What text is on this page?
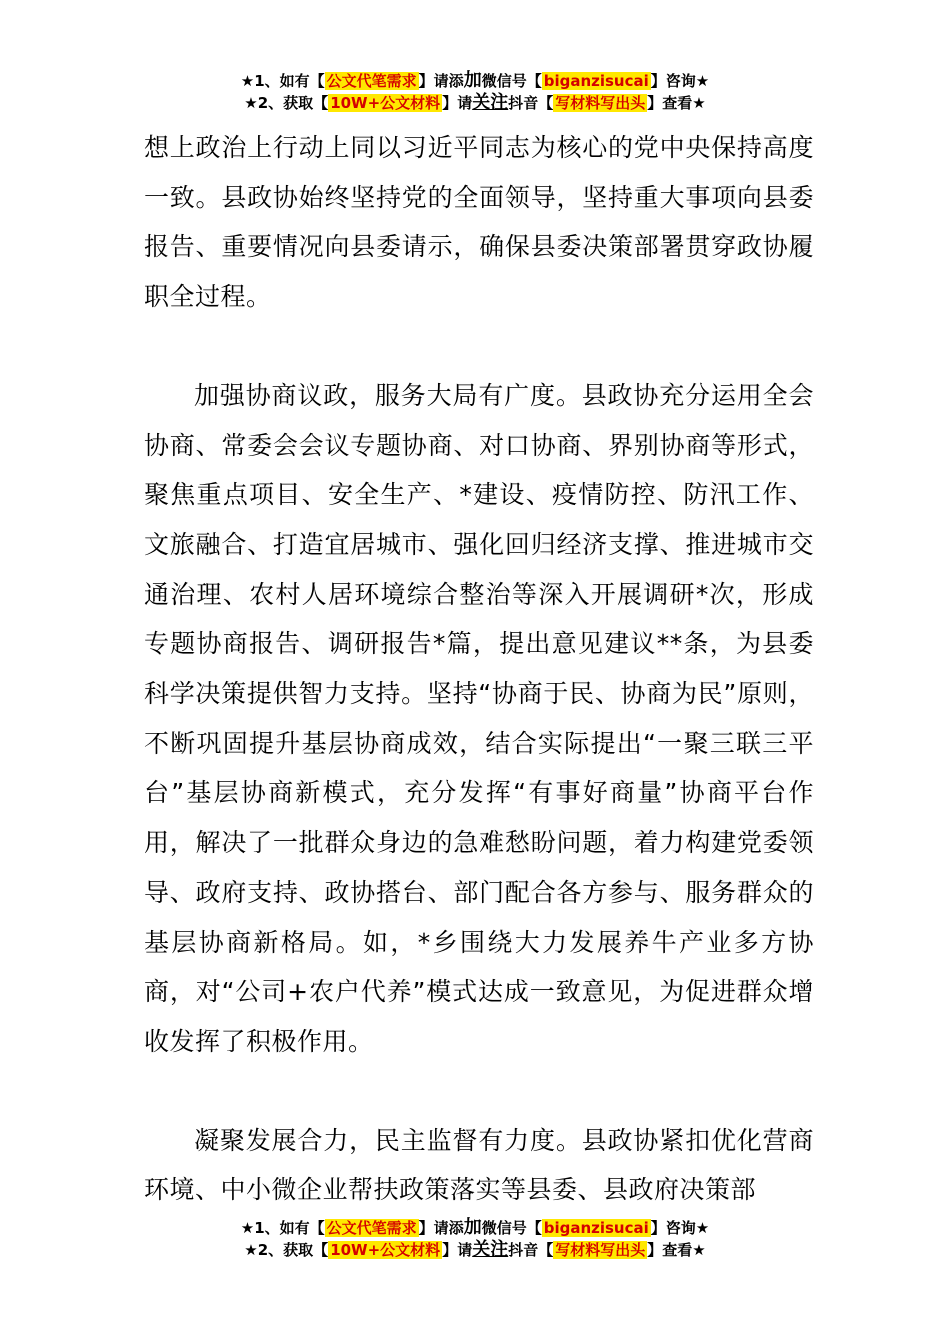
★1、如有【 公文代笔需求 】请添加微信号【 biganzisucai 】咨询★
★2、获取【 10W+公文材料 】请关注抖音【 写材料写出头 】查看★

想上政治上行动上同以习近平同志为核心的党中央保持高度一致。县政协始终坚持党的全面领导，坚持重大事项向县委报告、重要情况向县委请示，确保县委决策部署贯穿政协履职全过程。

加强协商议政，服务大局有广度。县政协充分运用全会协商、常委会会议专题协商、对口协商、界别协商等形式，聚焦重点项目、安全生产、*建设、疫情防控、防汛工作、文旅融合、打造宜居城市、强化回归经济支撑、推进城市交通治理、农村人居环境综合整治等深入开展调研*次，形成专题协商报告、调研报告*篇，提出意见建议**条，为县委科学决策提供智力支持。坚持“协商于民、协商为民”原则，不断巩固提升基层协商成效，结合实际提出“一聚三联三平台”基层协商新模式，充分发挥“有事好商量”协商平台作用，解决了一批群众身边的急难愁盼问题，着力构建党委领导、政府支持、政协搭台、部门配合各方参与、服务群众的基层协商新格局。如，*乡围绕大力发展养牛产业多方协商，对“公司+农户代养”模式达成一致意见，为促进群众增收发挥了积极作用。

凝聚发展合力，民主监督有力度。县政协紧扣优化营商环境、中小微企业帮扶政策落实等县委、县政府决策部

★1、如有【 公文代笔需求 】请添加微信号【 biganzisucai 】咨询★
★2、获取【 10W+公文材料 】请关注抖音【 写材料写出头 】查看★
